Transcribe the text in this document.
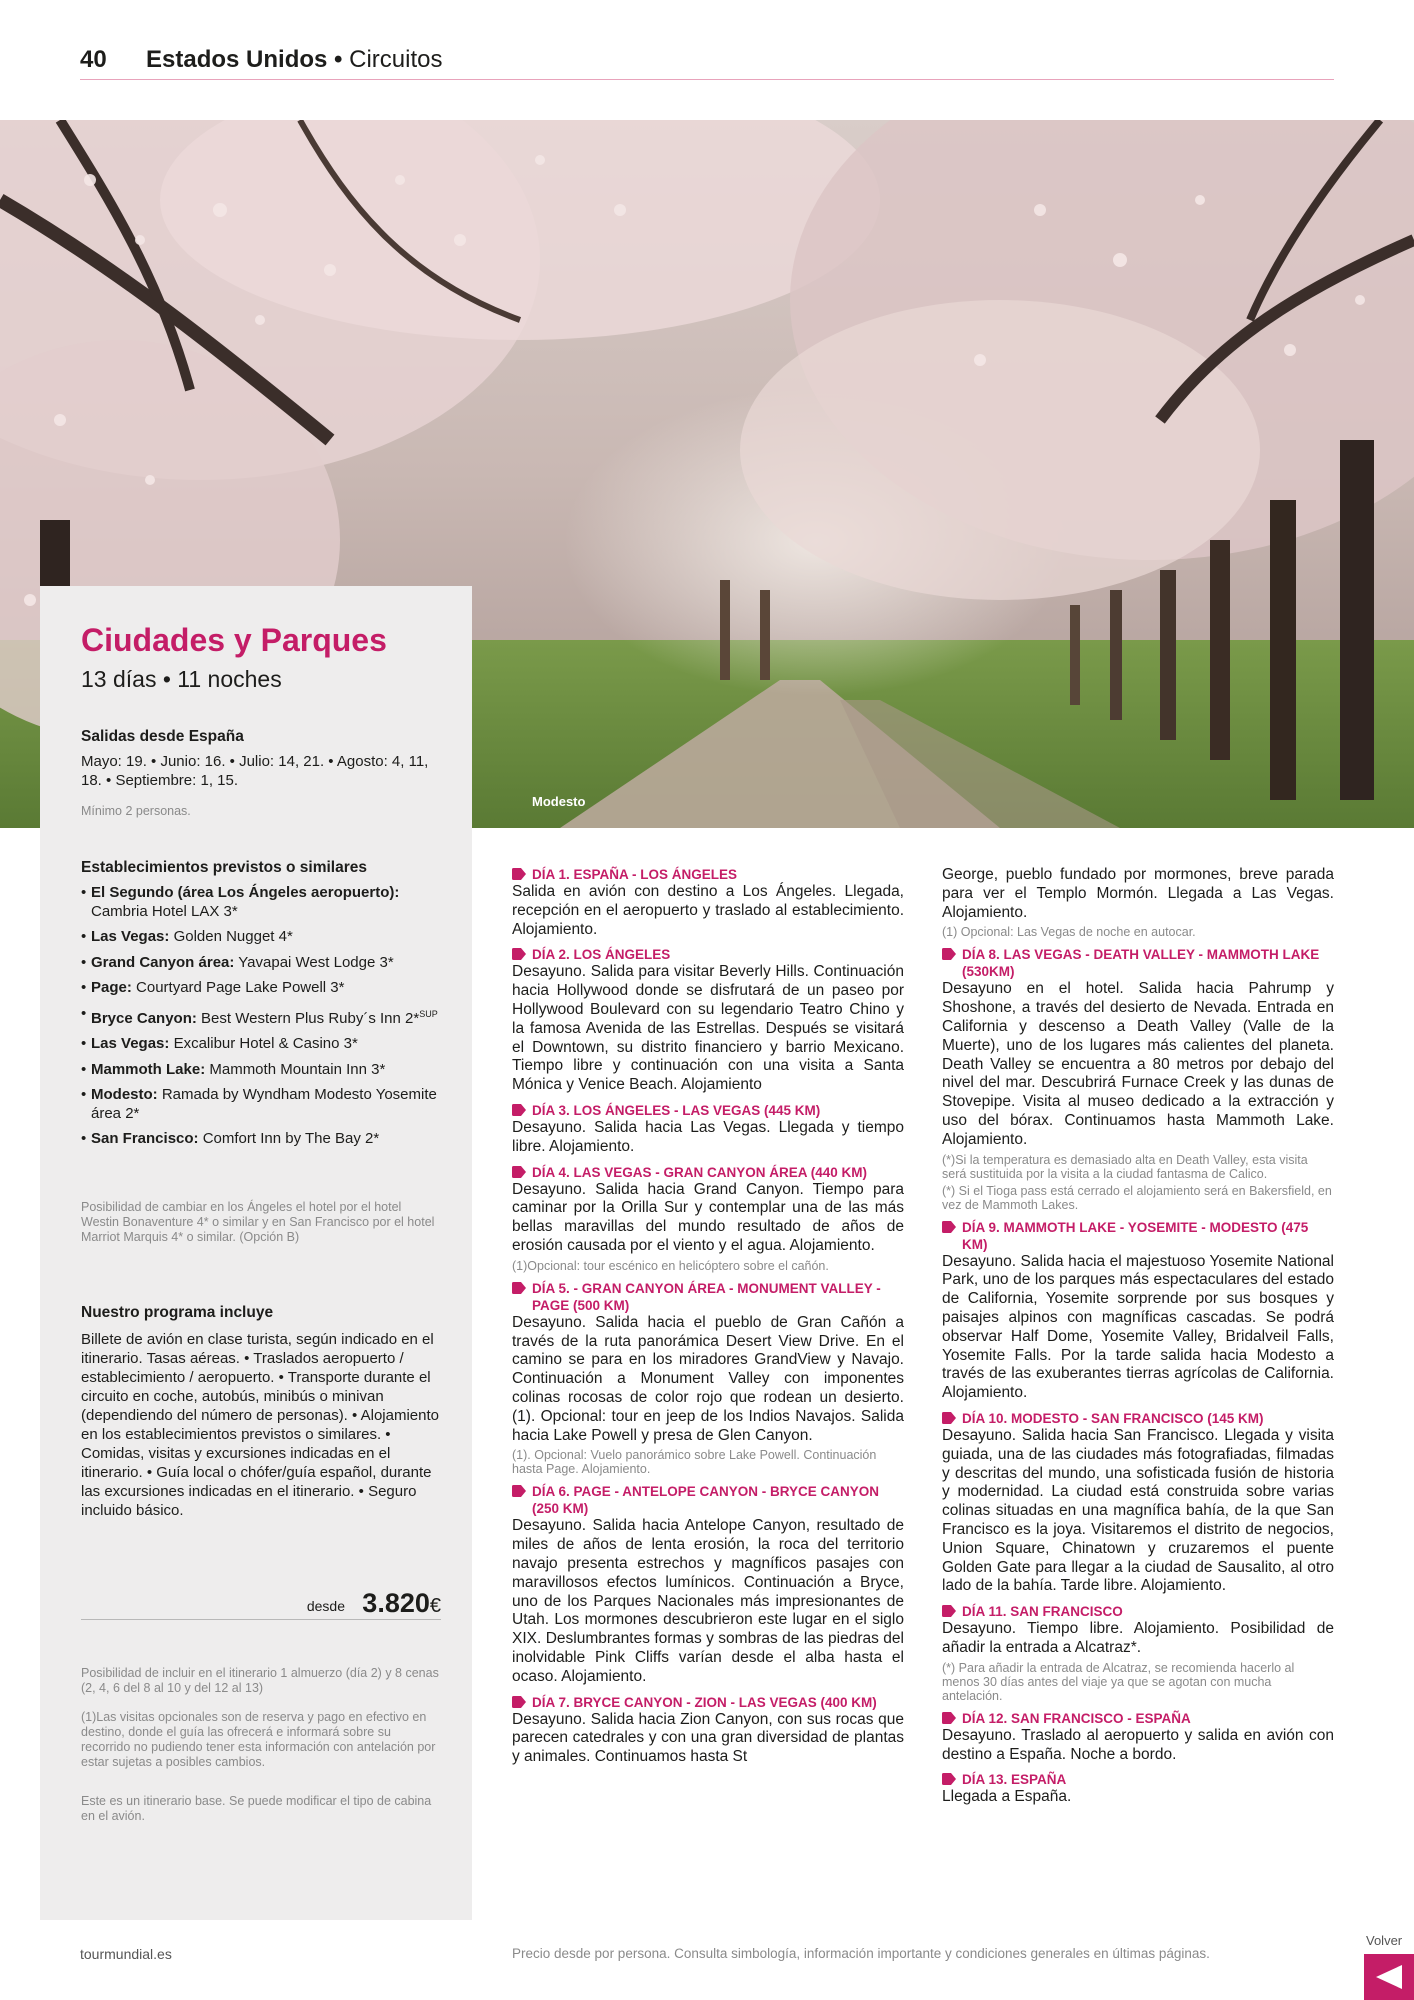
40 Estados Unidos • Circuitos
Modesto
Ciudades y Parques
13 días • 11 noches
Salidas desde España
Mayo: 19. • Junio: 16. • Julio: 14, 21. • Agosto: 4, 11, 18. • Septiembre: 1, 15.
Mínimo 2 personas.
Establecimientos previstos o similares
• El Segundo (área Los Ángeles aeropuerto): Cambria Hotel LAX 3*
• Las Vegas: Golden Nugget 4*
• Grand Canyon área: Yavapai West Lodge 3*
• Page: Courtyard Page Lake Powell 3*
• Bryce Canyon: Best Western Plus Ruby´s Inn 2*$^{SUP}$
• Las Vegas: Excalibur Hotel & Casino 3*
• Mammoth Lake: Mammoth Mountain Inn 3*
• Modesto: Ramada by Wyndham Modesto Yosemite área 2*
• San Francisco: Comfort Inn by The Bay 2*
Posibilidad de cambiar en los Ángeles el hotel por el hotel Westin Bonaventure 4* o similar y en San Francisco por el hotel Marriot Marquis 4* o similar. (Opción B)
Nuestro programa incluye
Billete de avión en clase turista, según indicado en el itinerario. Tasas aéreas. • Traslados aeropuerto / establecimiento / aeropuerto. • Transporte durante el circuito en coche, autobús, minibús o minivan (dependiendo del número de personas). • Alojamiento en los establecimientos previstos o similares. • Comidas, visitas y excursiones indicadas en el itinerario. • Guía local o chófer/guía español, durante las excursiones indicadas en el itinerario. • Seguro incluido básico.
desde 3.820€
Posibilidad de incluir en el itinerario 1 almuerzo (día 2) y 8 cenas (2, 4, 6 del 8 al 10 y del 12 al 13)
(1)Las visitas opcionales son de reserva y pago en efectivo en destino, donde el guía las ofrecerá e informará sobre su recorrido no pudiendo tener esta información con antelación por estar sujetas a posibles cambios.
Este es un itinerario base. Se puede modificar el tipo de cabina en el avión.
DÍA 1. ESPAÑA - LOS ÁNGELES
Salida en avión con destino a Los Ángeles. Llegada, recepción en el aeropuerto y traslado al establecimiento. Alojamiento.
DÍA 2. LOS ÁNGELES
Desayuno. Salida para visitar Beverly Hills. Continuación hacia Hollywood donde se disfrutará de un paseo por Hollywood Boulevard con su legendario Teatro Chino y la famosa Avenida de las Estrellas. Después se visitará el Downtown, su distrito financiero y barrio Mexicano. Tiempo libre y continuación con una visita a Santa Mónica y Venice Beach. Alojamiento
DÍA 3. LOS ÁNGELES - LAS VEGAS (445 KM)
Desayuno. Salida hacia Las Vegas. Llegada y tiempo libre. Alojamiento.
DÍA 4. LAS VEGAS - GRAN CANYON ÁREA (440 KM)
Desayuno. Salida hacia Grand Canyon. Tiempo para caminar por la Orilla Sur y contemplar una de las más bellas maravillas del mundo resultado de años de erosión causada por el viento y el agua. Alojamiento.
(1)Opcional: tour escénico en helicóptero sobre el cañón.
DÍA 5. - GRAN CANYON ÁREA - MONUMENT VALLEY - PAGE (500 KM)
Desayuno. Salida hacia el pueblo de Gran Cañón a través de la ruta panorámica Desert View Drive. En el camino se para en los miradores GrandView y Navajo. Continuación a Monument Valley con imponentes colinas rocosas de color rojo que rodean un desierto. (1). Opcional: tour en jeep de los Indios Navajos. Salida hacia Lake Powell y presa de Glen Canyon.
(1). Opcional: Vuelo panorámico sobre Lake Powell. Continuación hasta Page. Alojamiento.
DÍA 6. PAGE - ANTELOPE CANYON - BRYCE CANYON (250 KM)
Desayuno. Salida hacia Antelope Canyon, resultado de miles de años de lenta erosión, la roca del territorio navajo presenta estrechos y magníficos pasajes con maravillosos efectos lumínicos. Continuación a Bryce, uno de los Parques Nacionales más impresionantes de Utah. Los mormones descubrieron este lugar en el siglo XIX. Deslumbrantes formas y sombras de las piedras del inolvidable Pink Cliffs varían desde el alba hasta el ocaso. Alojamiento.
DÍA 7. BRYCE CANYON - ZION - LAS VEGAS (400 KM)
Desayuno. Salida hacia Zion Canyon, con sus rocas que parecen catedrales y con una gran diversidad de plantas y animales. Continuamos hasta St
George, pueblo fundado por mormones, breve parada para ver el Templo Mormón. Llegada a Las Vegas. Alojamiento.
(1) Opcional: Las Vegas de noche en autocar.
DÍA 8. LAS VEGAS - DEATH VALLEY - MAMMOTH LAKE (530KM)
Desayuno en el hotel. Salida hacia Pahrump y Shoshone, a través del desierto de Nevada. Entrada en California y descenso a Death Valley (Valle de la Muerte), uno de los lugares más calientes del planeta. Death Valley se encuentra a 80 metros por debajo del nivel del mar. Descubrirá Furnace Creek y las dunas de Stovepipe. Visita al museo dedicado a la extracción y uso del bórax. Continuamos hasta Mammoth Lake. Alojamiento.
(*)Si la temperatura es demasiado alta en Death Valley, esta visita será sustituida por la visita a la ciudad fantasma de Calico.
(*) Si el Tioga pass está cerrado el alojamiento será en Bakersfield, en vez de Mammoth Lakes.
DÍA 9. MAMMOTH LAKE - YOSEMITE - MODESTO (475 KM)
Desayuno. Salida hacia el majestuoso Yosemite National Park, uno de los parques más espectaculares del estado de California, Yosemite sorprende por sus bosques y paisajes alpinos con magníficas cascadas. Se podrá observar Half Dome, Yosemite Valley, Bridalveil Falls, Yosemite Falls. Por la tarde salida hacia Modesto a través de las exuberantes tierras agrícolas de California. Alojamiento.
DÍA 10. MODESTO - SAN FRANCISCO (145 KM)
Desayuno. Salida hacia San Francisco. Llegada y visita guiada, una de las ciudades más fotografiadas, filmadas y descritas del mundo, una sofisticada fusión de historia y modernidad. La ciudad está construida sobre varias colinas situadas en una magnífica bahía, de la que San Francisco es la joya. Visitaremos el distrito de negocios, Union Square, Chinatown y cruzaremos el puente Golden Gate para llegar a la ciudad de Sausalito, al otro lado de la bahía. Tarde libre. Alojamiento.
DÍA 11. SAN FRANCISCO
Desayuno. Tiempo libre. Alojamiento. Posibilidad de añadir la entrada a Alcatraz*.
(*) Para añadir la entrada de Alcatraz, se recomienda hacerlo al menos 30 días antes del viaje ya que se agotan con mucha antelación.
DÍA 12. SAN FRANCISCO - ESPAÑA
Desayuno. Traslado al aeropuerto y salida en avión con destino a España. Noche a bordo.
DÍA 13. ESPAÑA
Llegada a España.
tourmundial.es	Precio desde por persona. Consulta simbología, información importante y condiciones generales en últimas páginas.
Volver
